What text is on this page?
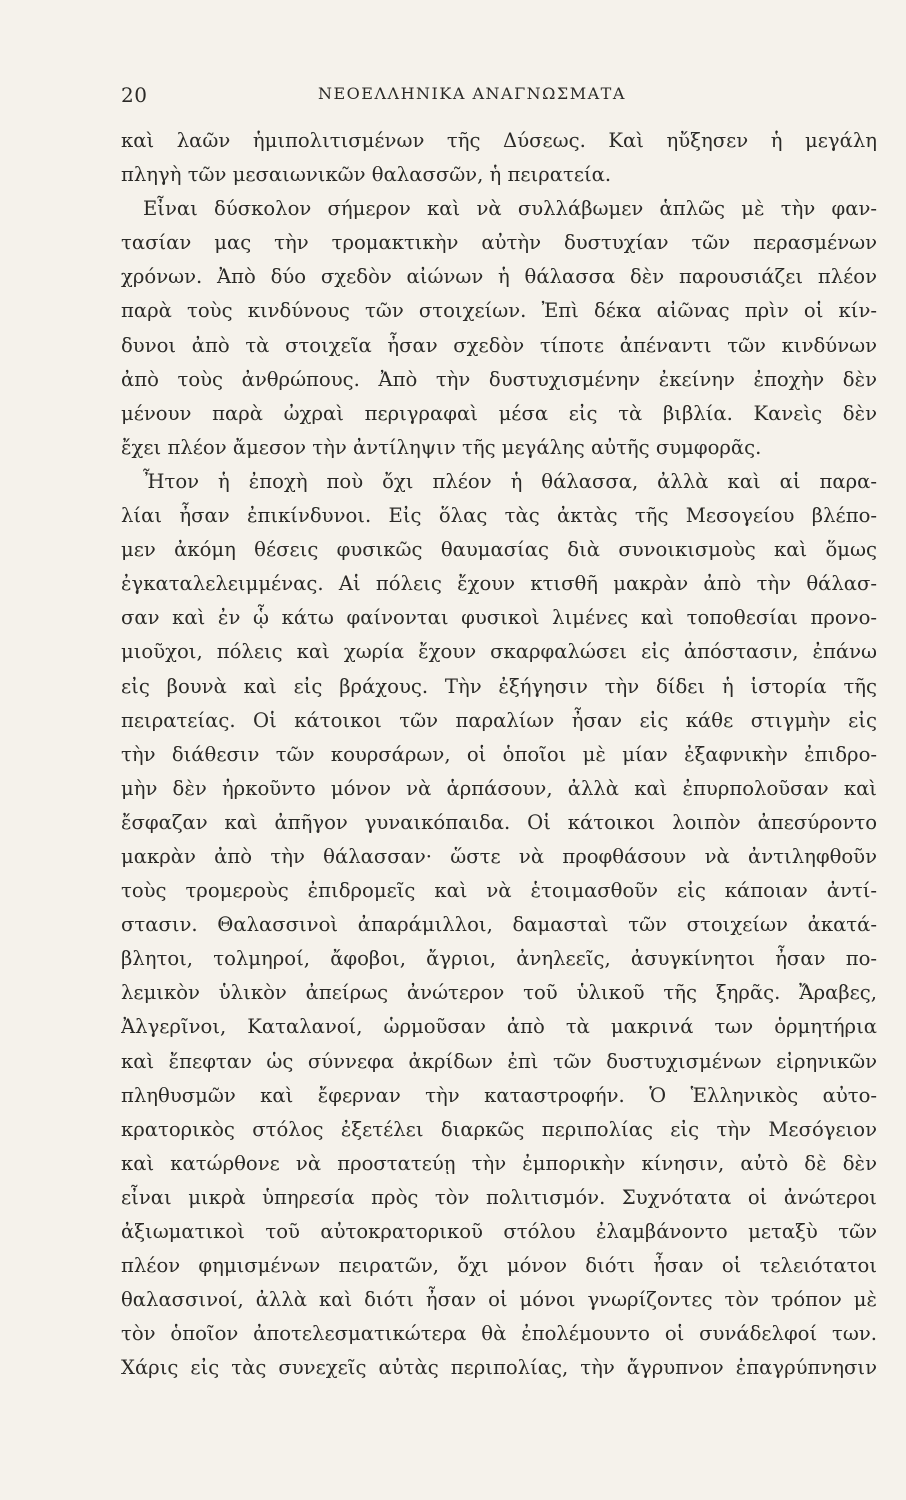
20	ΝΕΟΕΛΛΗΝΙΚΑ ΑΝΑΓΝΩΣΜΑΤΑ
καὶ λαῶν ἡμιπολιτισμένων τῆς Δύσεως. Καὶ ηὔξησεν ἡ μεγάλη
πληγὴ τῶν μεσαιωνικῶν θαλασσῶν, ἡ πειρατεία.
Εἶναι δύσκολον σήμερον καὶ νὰ συλλάβωμεν ἁπλῶς μὲ τὴν φαν-
τασίαν μας τὴν τρομακτικὴν αὐτὴν δυστυχίαν τῶν περασμένων
χρόνων. Ἀπὸ δύο σχεδὸν αἰώνων ἡ θάλασσα δὲν παρουσιάζει πλέον
παρὰ τοὺς κινδύνους τῶν στοιχείων. Ἐπὶ δέκα αἰῶνας πρὶν οἱ κίν-
δυνοι ἀπὸ τὰ στοιχεῖα ἦσαν σχεδὸν τίποτε ἀπέναντι τῶν κινδύνων
ἀπὸ τοὺς ἀνθρώπους. Ἀπὸ τὴν δυστυχισμένην ἐκείνην ἐποχὴν δὲν
μένουν παρὰ ὠχραὶ περιγραφαὶ μέσα εἰς τὰ βιβλία. Κανεὶς δὲν
ἔχει πλέον ἄμεσον τὴν ἀντίληψιν τῆς μεγάλης αὐτῆς συμφορᾶς.
Ἦτον ἡ ἐποχὴ ποὺ ὄχι πλέον ἡ θάλασσα, ἀλλὰ καὶ αἱ παρα-
λίαι ἦσαν ἐπικίνδυνοι. Εἰς ὅλας τὰς ἀκτὰς τῆς Μεσογείου βλέπο-
μεν ἀκόμη θέσεις φυσικῶς θαυμασίας διὰ συνοικισμοὺς καὶ ὅμως
ἐγκαταλελειμμένας. Αἱ πόλεις ἔχουν κτισθῆ μακρὰν ἀπὸ τὴν θάλασ-
σαν καὶ ἐν ᾧ κάτω φαίνονται φυσικοὶ λιμένες καὶ τοποθεσίαι προνο-
μιοῦχοι, πόλεις καὶ χωρία ἔχουν σκαρφαλώσει εἰς ἀπόστασιν, ἐπάνω
εἰς βουνὰ καὶ εἰς βράχους. Τὴν ἐξήγησιν τὴν δίδει ἡ ἱστορία τῆς
πειρατείας. Οἱ κάτοικοι τῶν παραλίων ἦσαν εἰς κάθε στιγμὴν εἰς
τὴν διάθεσιν τῶν κουρσάρων, οἱ ὁποῖοι μὲ μίαν ἐξαφνικὴν ἐπιδρο-
μὴν δὲν ἠρκοῦντο μόνον νὰ ἁρπάσουν, ἀλλὰ καὶ ἐπυρπολοῦσαν καὶ
ἔσφαζαν καὶ ἀπῆγον γυναικόπαιδα. Οἱ κάτοικοι λοιπὸν ἀπεσύροντο
μακρὰν ἀπὸ τὴν θάλασσαν· ὥστε νὰ προφθάσουν νὰ ἀντιληφθοῦν
τοὺς τρομεροὺς ἐπιδρομεῖς καὶ νὰ ἑτοιμασθοῦν εἰς κάποιαν ἀντί-
στασιν. Θαλασσινοὶ ἀπαράμιλλοι, δαμασταὶ τῶν στοιχείων ἀκατά-
βλητοι, τολμηροί, ἄφοβοι, ἄγριοι, ἀνηλεεῖς, ἀσυγκίνητοι ἦσαν πο-
λεμικὸν ὑλικὸν ἀπείρως ἀνώτερον τοῦ ὑλικοῦ τῆς ξηρᾶς. Ἄραβες,
Ἀλγερῖνοι, Καταλανοί, ὡρμοῦσαν ἀπὸ τὰ μακρινά των ὁρμητήρια
καὶ ἔπεφταν ὡς σύννεφα ἀκρίδων ἐπὶ τῶν δυστυχισμένων εἰρηνικῶν
πληθυσμῶν καὶ ἔφερναν τὴν καταστροφήν. Ὁ Ἑλληνικὸς αὐτο-
κρατορικὸς στόλος ἐξετέλει διαρκῶς περιπολίας εἰς τὴν Μεσόγειον
καὶ κατώρθονε νὰ προστατεύῃ τὴν ἐμπορικὴν κίνησιν, αὐτὸ δὲ δὲν
εἶναι μικρὰ ὑπηρεσία πρὸς τὸν πολιτισμόν. Συχνότατα οἱ ἀνώτεροι
ἀξιωματικοὶ τοῦ αὐτοκρατορικοῦ στόλου ἐλαμβάνοντο μεταξὺ τῶν
πλέον φημισμένων πειρατῶν, ὄχι μόνον διότι ἦσαν οἱ τελειότατοι
θαλασσινοί, ἀλλὰ καὶ διότι ἦσαν οἱ μόνοι γνωρίζοντες τὸν τρόπον μὲ
τὸν ὁποῖον ἀποτελεσματικώτερα θὰ ἐπολέμουντο οἱ συνάδελφοί των.
Χάρις εἰς τὰς συνεχεῖς αὐτὰς περιπολίας, τὴν ἄγρυπνον ἐπαγρύπνησιν
